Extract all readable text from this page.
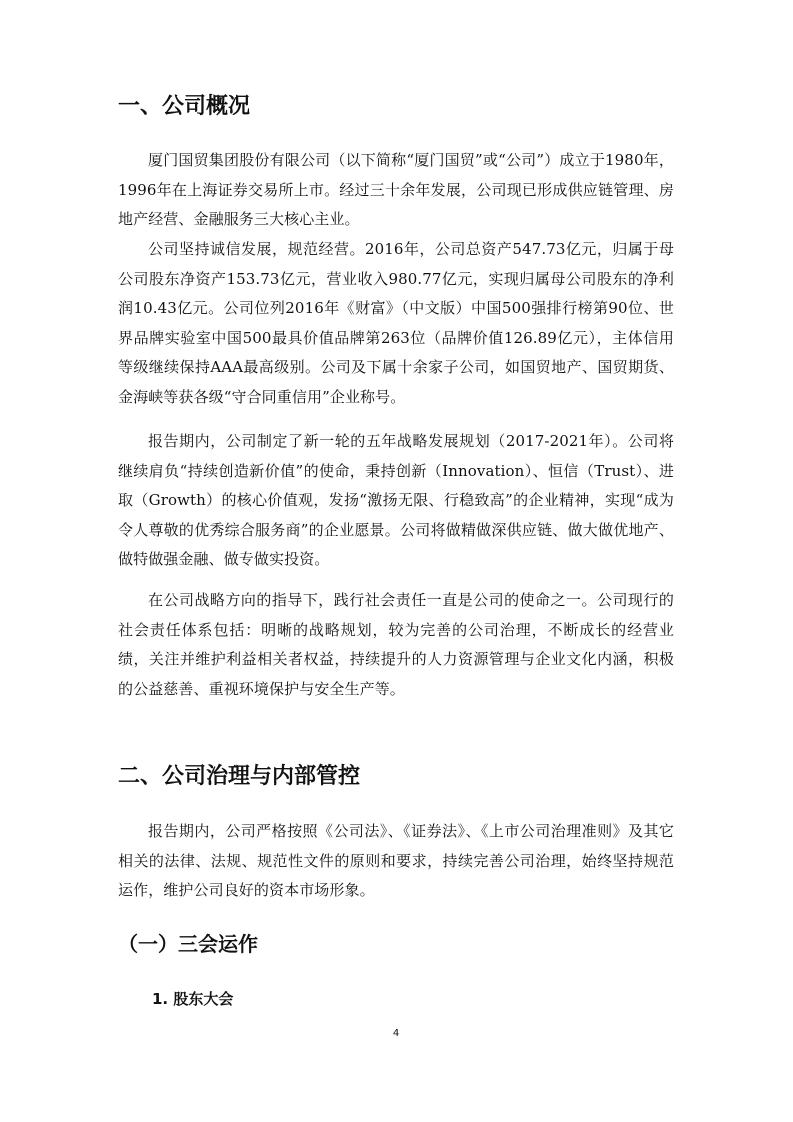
一、公司概况

厦门国贸集团股份有限公司（以下简称“厦门国贸”或“公司”）成立于1980年，1996年在上海证券交易所上市。经过三十余年发展，公司现已形成供应链管理、房地产经营、金融服务三大核心主业。

公司坚持诚信发展，规范经营。2016年，公司总资产547.73亿元，归属于母公司股东净资产153.73亿元，营业收入980.77亿元，实现归属母公司股东的净利润10.43亿元。公司位列2016年《财富》（中文版）中国500强排行榜第90位、世界品牌实验室中国500最具价值品牌第263位（品牌价值126.89亿元），主体信用等级继续保持AAA最高级别。公司及下属十余家子公司，如国贸地产、国贸期货、金海峡等获各级“守合同重信用”企业称号。

报告期内，公司制定了新一轮的五年战略发展规划（2017-2021年）。公司将继续肩负“持续创造新价值”的使命，秉持创新（Innovation）、恒信（Trust）、进取（Growth）的核心价值观，发扬“激扬无限、行稳致高”的企业精神，实现“成为令人尊敬的优秀综合服务商”的企业愿景。公司将做精做深供应链、做大做优地产、做特做强金融、做专做实投资。

在公司战略方向的指导下，践行社会责任一直是公司的使命之一。公司现行的社会责任体系包括：明晰的战略规划，较为完善的公司治理，不断成长的经营业绩，关注并维护利益相关者权益，持续提升的人力资源管理与企业文化内涵，积极的公益慈善、重视环境保护与安全生产等。

二、公司治理与内部管控

报告期内，公司严格按照《公司法》、《证券法》、《上市公司治理准则》及其它相关的法律、法规、规范性文件的原则和要求，持续完善公司治理，始终坚持规范运作，维护公司良好的资本市场形象。

（一）三会运作
1. 股东大会
4
